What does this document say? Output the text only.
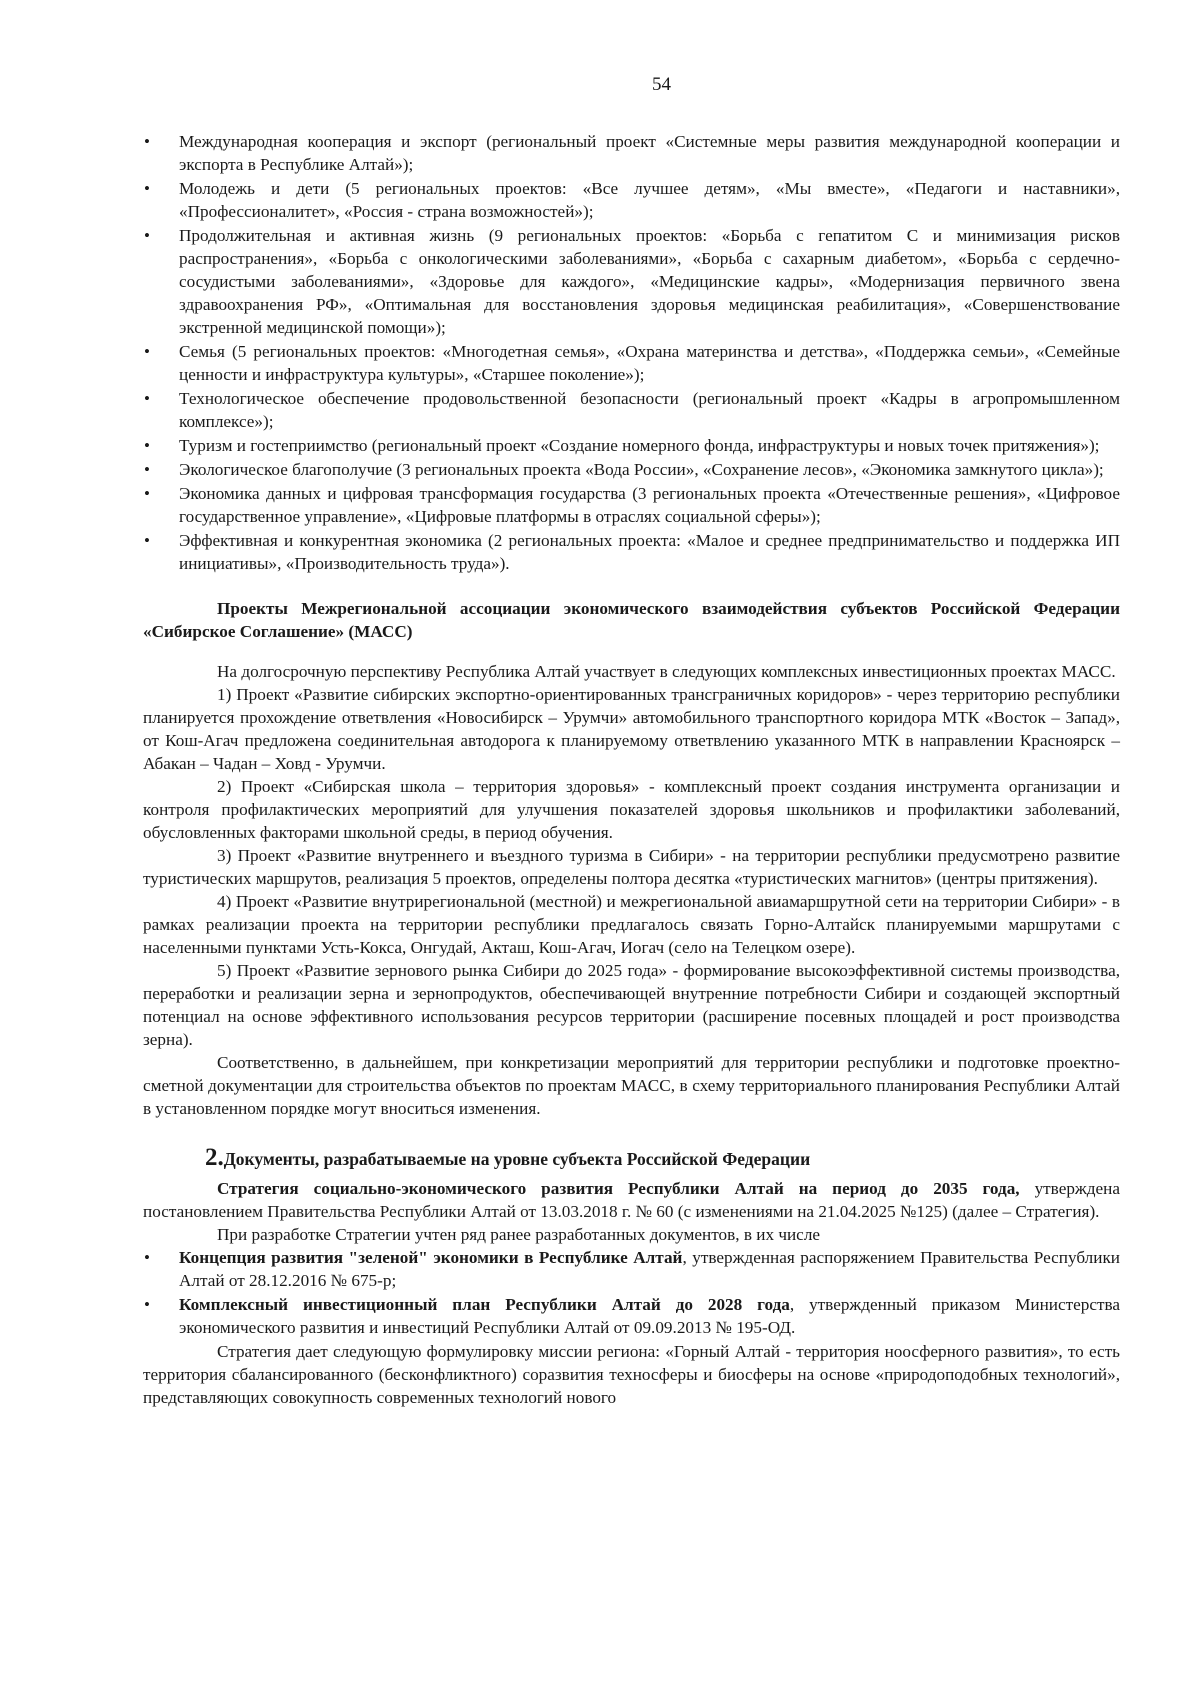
54
• Международная кооперация и экспорт (региональный проект «Системные меры развития международной кооперации и экспорта в Республике Алтай»);
• Молодежь и дети (5 региональных проектов: «Все лучшее детям», «Мы вместе», «Педагоги и наставники», «Профессионалитет», «Россия - страна возможностей»);
• Продолжительная и активная жизнь (9 региональных проектов: «Борьба с гепатитом С и минимизация рисков распространения», «Борьба с онкологическими заболеваниями», «Борьба с сахарным диабетом», «Борьба с сердечно-сосудистыми заболеваниями», «Здоровье для каждого», «Медицинские кадры», «Модернизация первичного звена здравоохранения РФ», «Оптимальная для восстановления здоровья медицинская реабилитация», «Совершенствование экстренной медицинской помощи»);
• Семья (5 региональных проектов: «Многодетная семья», «Охрана материнства и детства», «Поддержка семьи», «Семейные ценности и инфраструктура культуры», «Старшее поколение»);
• Технологическое обеспечение продовольственной безопасности (региональный проект «Кадры в агропромышленном комплексе»);
• Туризм и гостеприимство (региональный проект «Создание номерного фонда, инфраструктуры и новых точек притяжения»);
• Экологическое благополучие (3 региональных проекта «Вода России», «Сохранение лесов», «Экономика замкнутого цикла»);
• Экономика данных и цифровая трансформация государства (3 региональных проекта «Отечественные решения», «Цифровое государственное управление», «Цифровые платформы в отраслях социальной сферы»);
• Эффективная и конкурентная экономика (2 региональных проекта: «Малое и среднее предпринимательство и поддержка ИП инициативы», «Производительность труда»).

Проекты Межрегиональной ассоциации экономического взаимодействия субъектов Российской Федерации «Сибирское Соглашение» (МАСС)

На долгосрочную перспективу Республика Алтай участвует в следующих комплексных инвестиционных проектах МАСС.

1) Проект «Развитие сибирских экспортно-ориентированных трансграничных коридоров» - через территорию республики планируется прохождение ответвления «Новосибирск – Урумчи» автомобильного транспортного коридора МТК «Восток – Запад», от Кош-Агач предложена соединительная автодорога к планируемому ответвлению указанного МТК в направлении Красноярск – Абакан – Чадан – Ховд - Урумчи.

2) Проект «Сибирская школа – территория здоровья» - комплексный проект создания инструмента организации и контроля профилактических мероприятий для улучшения показателей здоровья школьников и профилактики заболеваний, обусловленных факторами школьной среды, в период обучения.

3) Проект «Развитие внутреннего и въездного туризма в Сибири» - на территории республики предусмотрено развитие туристических маршрутов, реализация 5 проектов, определены полтора десятка «туристических магнитов» (центры притяжения).

4) Проект «Развитие внутрирегиональной (местной) и межрегиональной авиамаршрутной сети на территории Сибири» - в рамках реализации проекта на территории республики предлагалось связать Горно-Алтайск планируемыми маршрутами с населенными пунктами Усть-Кокса, Онгудай, Акташ, Кош-Агач, Иогач (село на Телецком озере).

5) Проект «Развитие зернового рынка Сибири до 2025 года» - формирование высокоэффективной системы производства, переработки и реализации зерна и зернопродуктов, обеспечивающей внутренние потребности Сибири и создающей экспортный потенциал на основе эффективного использования ресурсов территории (расширение посевных площадей и рост производства зерна).

Соответственно, в дальнейшем, при конкретизации мероприятий для территории республики и подготовке проектно-сметной документации для строительства объектов по проектам МАСС, в схему территориального планирования Республики Алтай в установленном порядке могут вноситься изменения.

2.Документы, разрабатываемые на уровне субъекта Российской Федерации

Стратегия социально-экономического развития Республики Алтай на период до 2035 года, утверждена постановлением Правительства Республики Алтай от 13.03.2018 г. № 60 (с изменениями на 21.04.2025 №125) (далее – Стратегия).

При разработке Стратегии учтен ряд ранее разработанных документов, в их числе

• Концепция развития "зеленой" экономики в Республике Алтай, утвержденная распоряжением Правительства Республики Алтай от 28.12.2016 № 675-р;
• Комплексный инвестиционный план Республики Алтай до 2028 года, утвержденный приказом Министерства экономического развития и инвестиций Республики Алтай от 09.09.2013 № 195-ОД.

Стратегия дает следующую формулировку миссии региона: «Горный Алтай - территория ноосферного развития», то есть территория сбалансированного (бесконфликтного) соразвития техносферы и биосферы на основе «природоподобных технологий», представляющих совокупность современных технологий нового
